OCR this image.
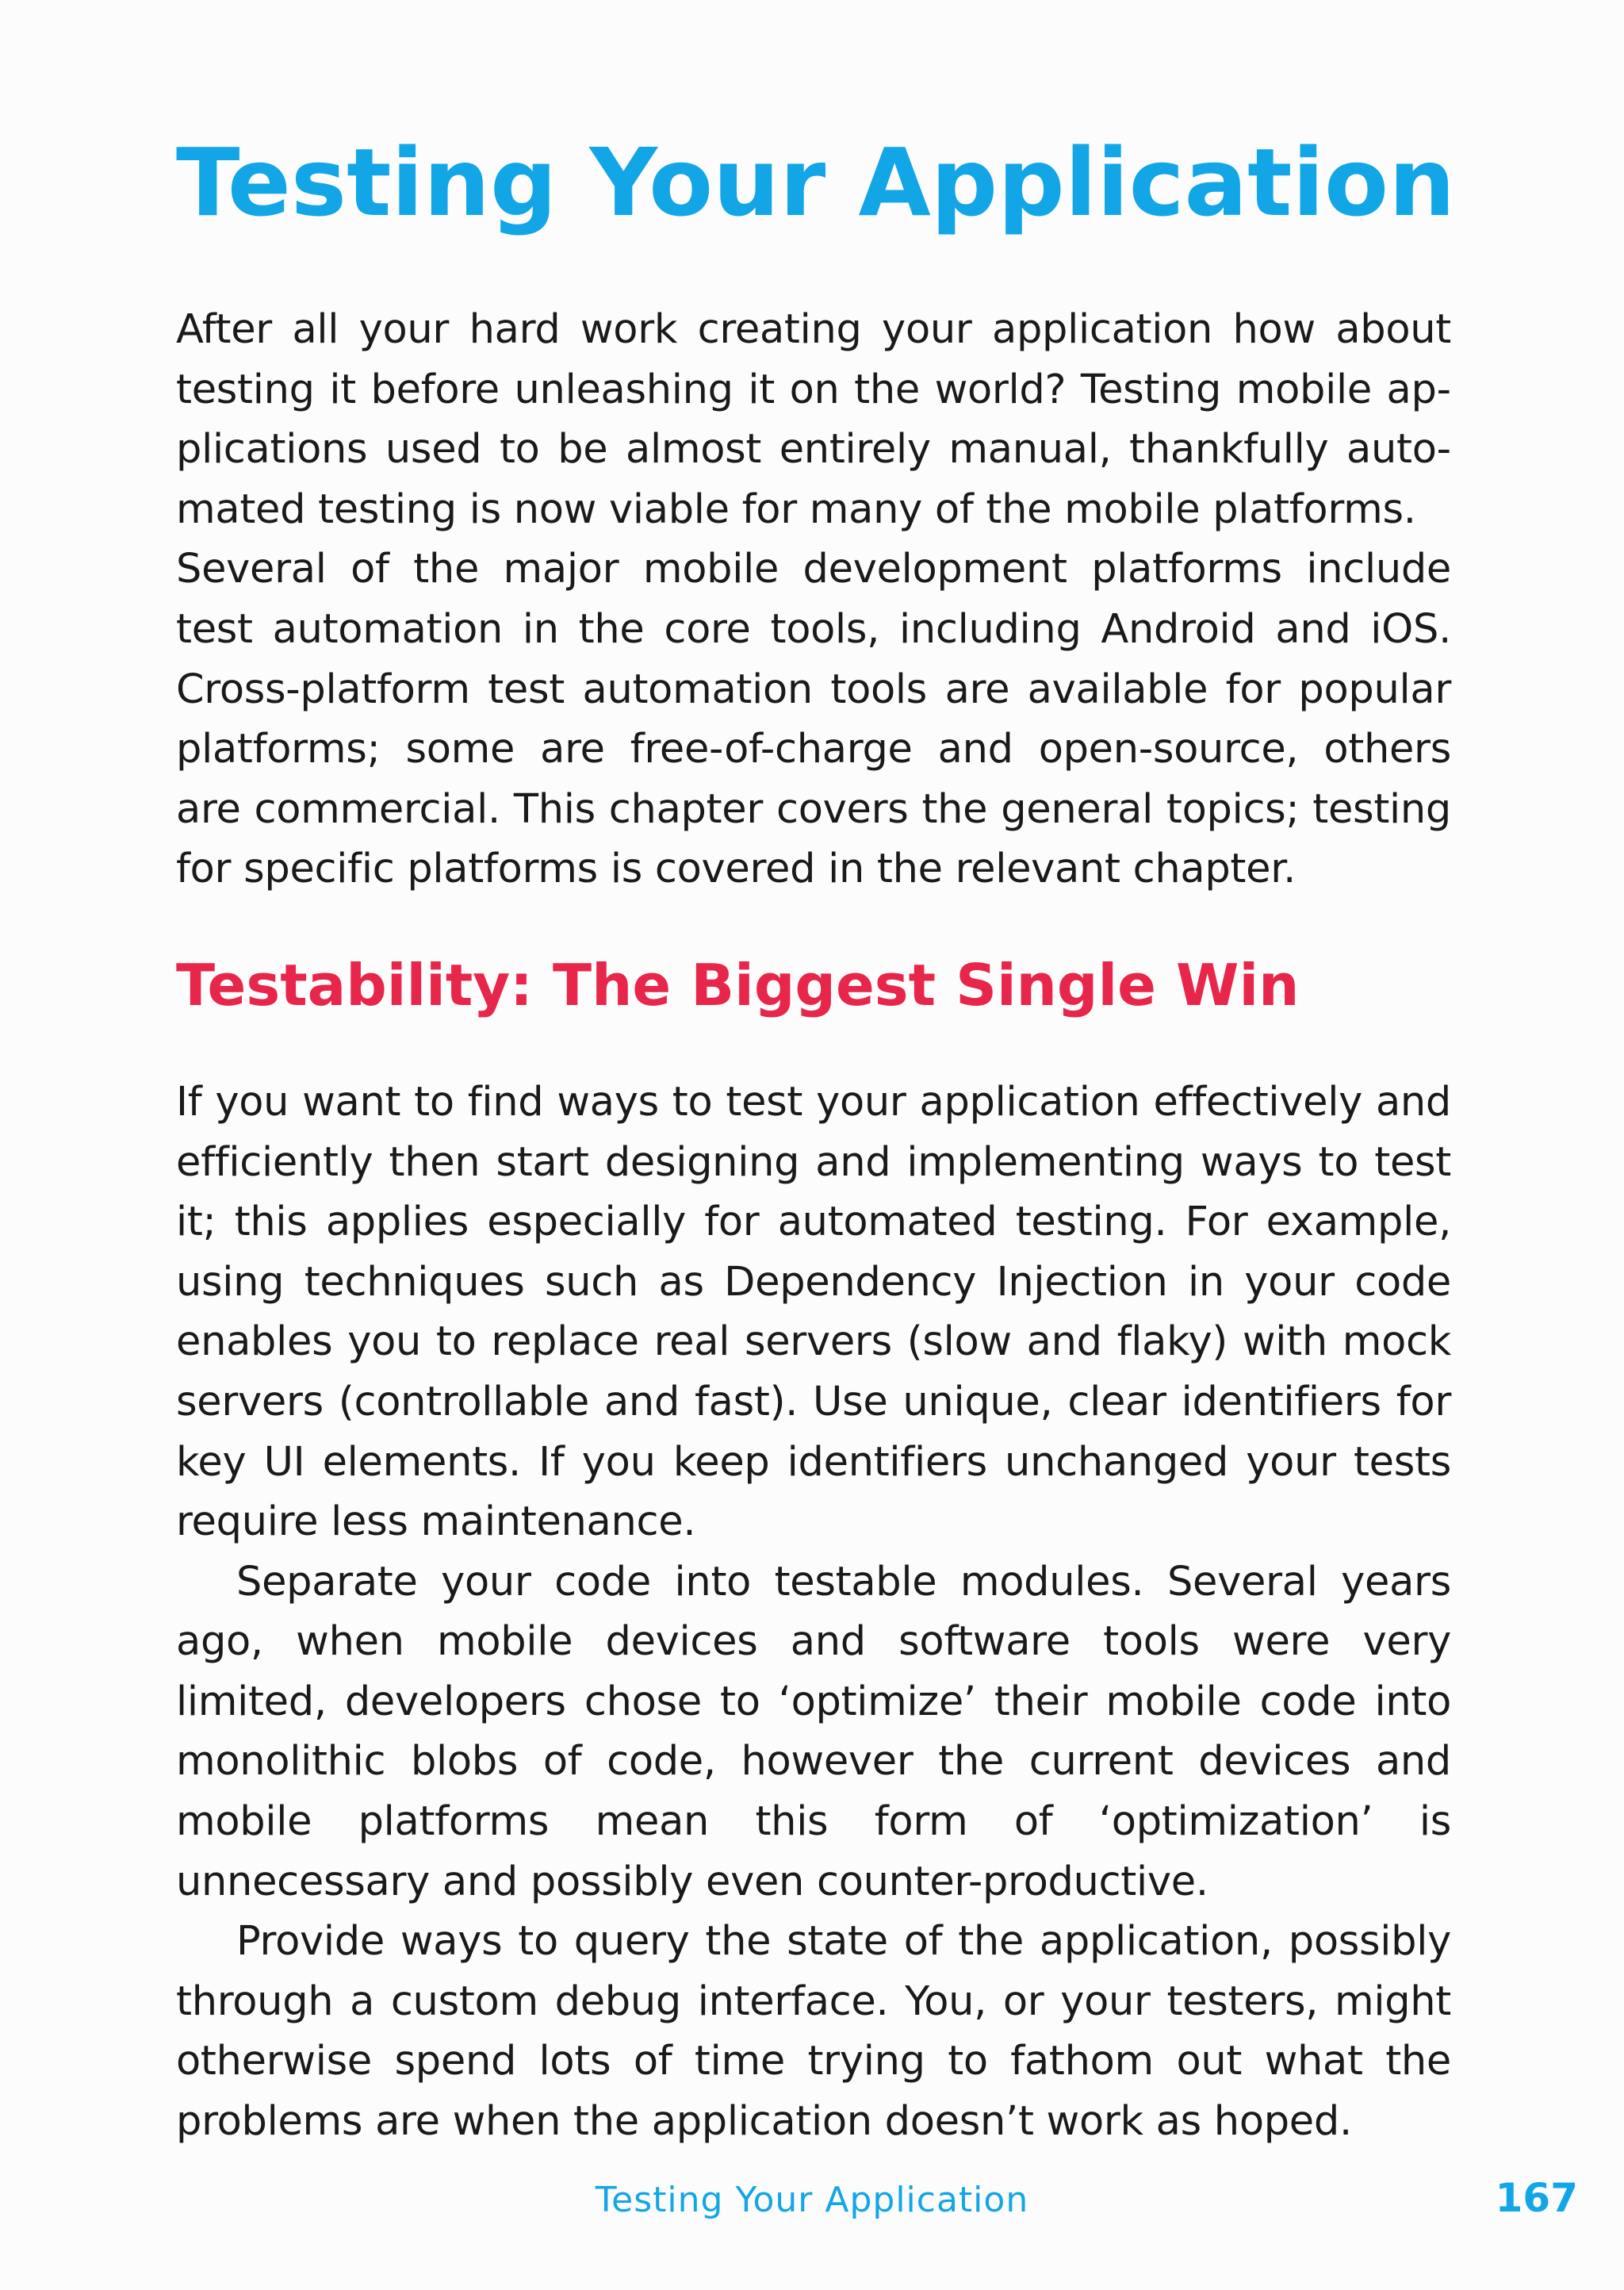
Testing Your Application

After all your hard work creating your application how about testing it before unleashing it on the world? Testing mobile applications used to be almost entirely manual, thankfully automated testing is now viable for many of the mobile platforms.

Several of the major mobile development platforms include test automation in the core tools, including Android and iOS. Cross-platform test automation tools are available for popular platforms; some are free-of-charge and open-source, others are commercial. This chapter covers the general topics; testing for specific platforms is covered in the relevant chapter.

Testability: The Biggest Single Win

If you want to find ways to test your application effectively and efficiently then start designing and implementing ways to test it; this applies especially for automated testing. For example, using techniques such as Dependency Injection in your code enables you to replace real servers (slow and flaky) with mock servers (controllable and fast). Use unique, clear identifiers for key UI elements. If you keep identifiers unchanged your tests require less maintenance.

Separate your code into testable modules. Several years ago, when mobile devices and software tools were very limited, developers chose to ‘optimize’ their mobile code into monolithic blobs of code, however the current devices and mobile platforms mean this form of ‘optimization’ is unnecessary and possibly even counter-productive.

Provide ways to query the state of the application, possibly through a custom debug interface. You, or your testers, might otherwise spend lots of time trying to fathom out what the problems are when the application doesn’t work as hoped.

Testing Your Application	167
